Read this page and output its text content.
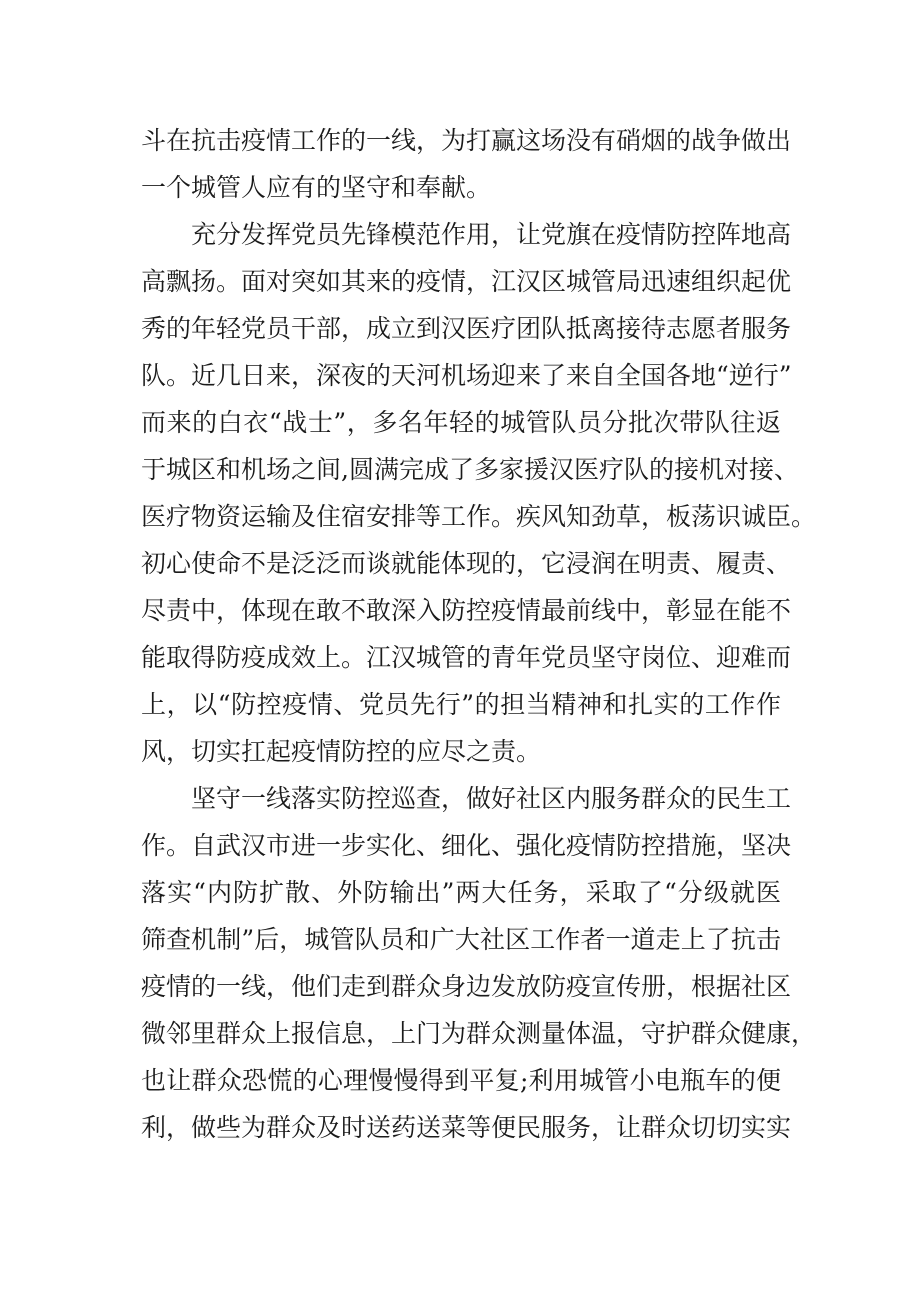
斗在抗击疫情工作的一线，为打赢这场没有硝烟的战争做出
一个城管人应有的坚守和奉献。
充分发挥党员先锋模范作用，让党旗在疫情防控阵地高
高飘扬。面对突如其来的疫情，江汉区城管局迅速组织起优
秀的年轻党员干部，成立到汉医疗团队抵离接待志愿者服务
队。近几日来，深夜的天河机场迎来了来自全国各地“逆行”
而来的白衣“战士”，多名年轻的城管队员分批次带队往返
于城区和机场之间,圆满完成了多家援汉医疗队的接机对接、
医疗物资运输及住宿安排等工作。疾风知劲草，板荡识诚臣。
初心使命不是泛泛而谈就能体现的，它浸润在明责、履责、
尽责中，体现在敢不敢深入防控疫情最前线中，彰显在能不
能取得防疫成效上。江汉城管的青年党员坚守岗位、迎难而
上，以“防控疫情、党员先行”的担当精神和扎实的工作作
风，切实扛起疫情防控的应尽之责。
坚守一线落实防控巡查，做好社区内服务群众的民生工
作。自武汉市进一步实化、细化、强化疫情防控措施，坚决
落实“内防扩散、外防输出”两大任务，采取了“分级就医
筛查机制”后，城管队员和广大社区工作者一道走上了抗击
疫情的一线，他们走到群众身边发放防疫宣传册，根据社区
微邻里群众上报信息，上门为群众测量体温，守护群众健康，
也让群众恐慌的心理慢慢得到平复;利用城管小电瓶车的便
利，做些为群众及时送药送菜等便民服务，让群众切切实实
